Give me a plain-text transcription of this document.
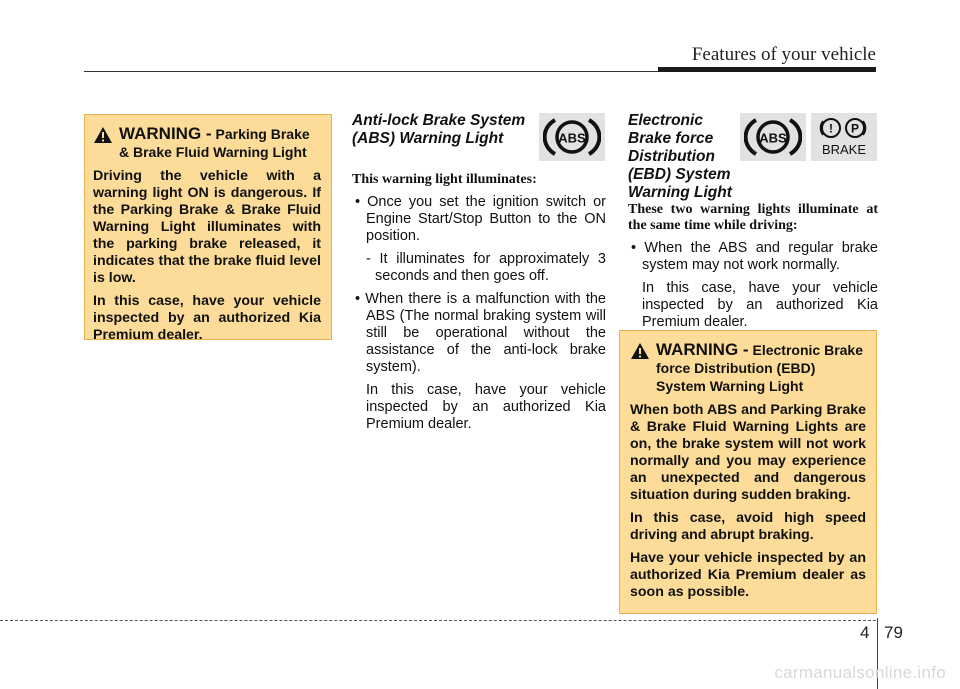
Features of your vehicle
WARNING - Parking Brake & Brake Fluid Warning Light

Driving the vehicle with a warning light ON is dangerous. If the Parking Brake & Brake Fluid Warning Light illuminates with the parking brake released, it indicates that the brake fluid level is low.

In this case, have your vehicle inspected by an authorized Kia Premium dealer.

Anti-lock Brake System (ABS) Warning Light	ABS
This warning light illuminates:

• Once you set the ignition switch or Engine Start/Stop Button to the ON position.

- It illuminates for approximately 3 seconds and then goes off.

• When there is a malfunction with the ABS (The normal braking system will still be operational without the assistance of the anti-lock brake system).

In this case, have your vehicle inspected by an authorized Kia Premium dealer.

Electronic Brake force Distribution (EBD) System Warning Light
ABS
! P
BRAKE
These two warning lights illuminate at the same time while driving:

• When the ABS and regular brake system may not work normally.

In this case, have your vehicle inspected by an authorized Kia Premium dealer.

WARNING - Electronic Brake force Distribution (EBD) System Warning Light

When both ABS and Parking Brake & Brake Fluid Warning Lights are on, the brake system will not work normally and you may experience an unexpected and dangerous situation during sudden braking.

In this case, avoid high speed driving and abrupt braking.

Have your vehicle inspected by an authorized Kia Premium dealer as soon as possible.

4 79
carmanualsonline.info
